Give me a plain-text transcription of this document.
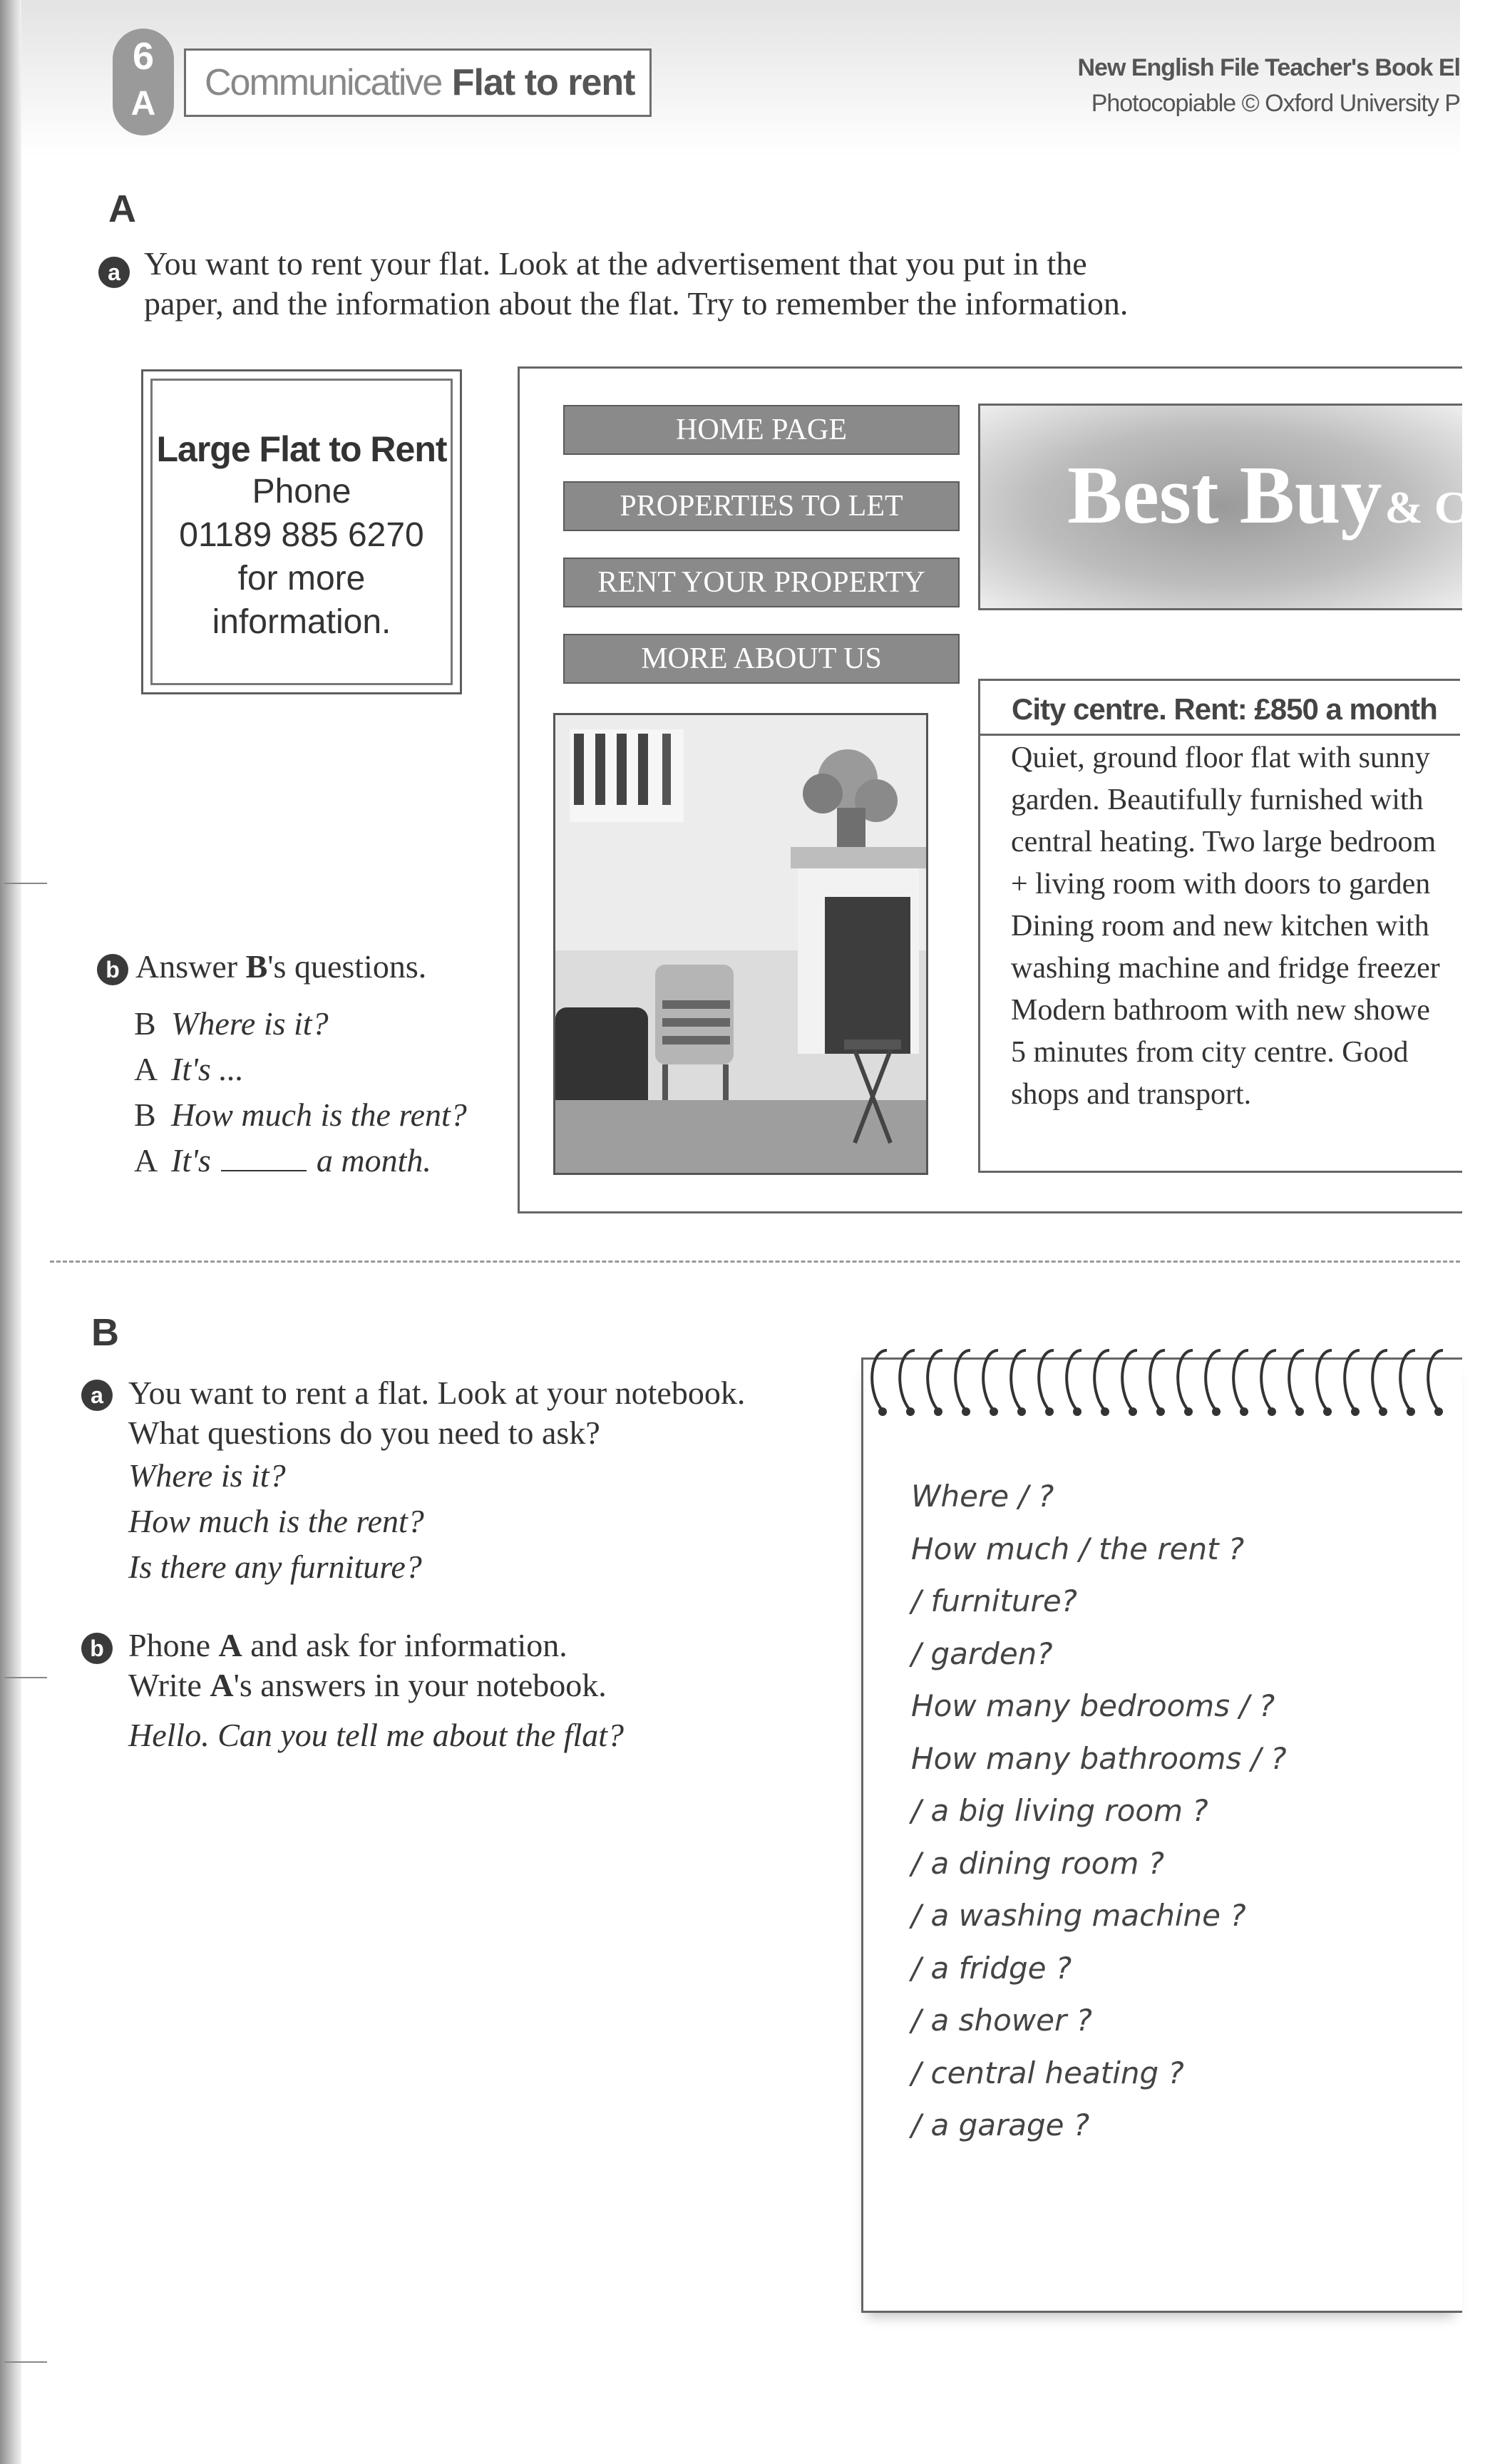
6
A
Communicative Flat to rent	New English File Teacher's Book El
Photocopiable © Oxford University P
A
a You want to rent your flat. Look at the advertisement that you put in the
paper, and the information about the flat. Try to remember the information.
Large Flat to Rent
Phone
01189 885 6270
for more
information.
b Answer B's questions.
B Where is it?
A It's ...
B How much is the rent?
A It's	a month.
HOME PAGE
PROPERTIES TO LET
RENT YOUR PROPERTY
MORE ABOUT US
Best Buy & Co
City centre. Rent: £850 a month
Quiet, ground floor flat with sunny
garden. Beautifully furnished with
central heating. Two large bedroom
+ living room with doors to garden
Dining room and new kitchen with
washing machine and fridge freezer
Modern bathroom with new showe
5 minutes from city centre. Good
shops and transport.
B
a You want to rent a flat. Look at your notebook.
What questions do you need to ask?
Where is it?
How much is the rent?
Is there any furniture?
b Phone A and ask for information.
Write A's answers in your notebook.
Hello. Can you tell me about the flat?
Where / ?
How much / the rent ?
/ furniture?
/ garden?
How many bedrooms / ?
How many bathrooms / ?
/ a big living room ?
/ a dining room ?
/ a washing machine ?
/ a fridge ?
/ a shower ?
/ central heating ?
/ a garage ?
